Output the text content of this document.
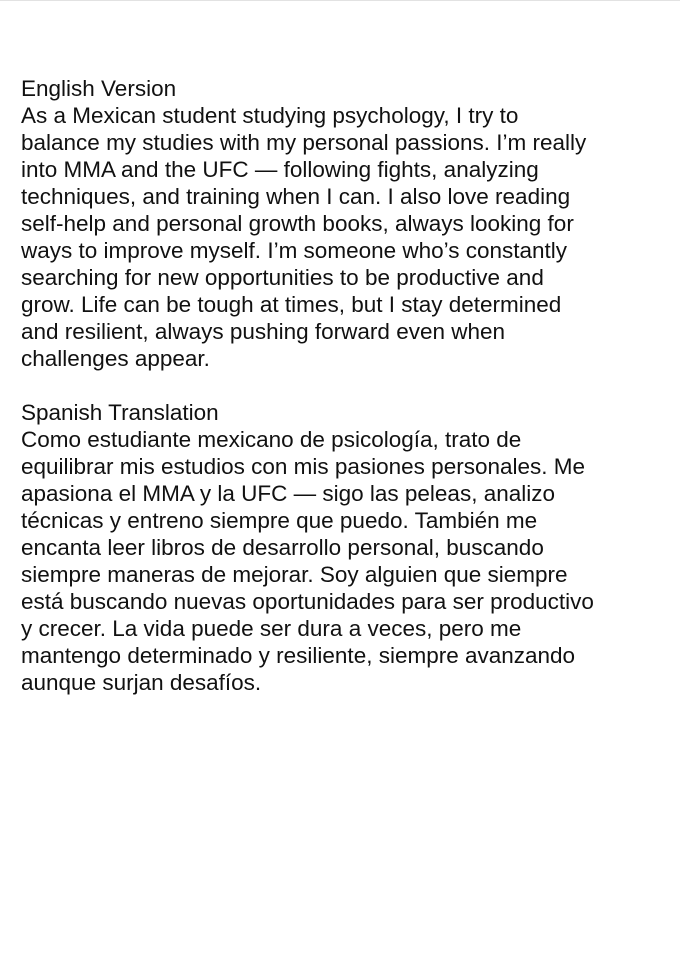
English Version
As a Mexican student studying psychology, I try to
balance my studies with my personal passions. I’m really
into MMA and the UFC — following fights, analyzing
techniques, and training when I can. I also love reading
self-help and personal growth books, always looking for
ways to improve myself. I’m someone who’s constantly
searching for new opportunities to be productive and
grow. Life can be tough at times, but I stay determined
and resilient, always pushing forward even when
challenges appear.
Spanish Translation
Como estudiante mexicano de psicología, trato de
equilibrar mis estudios con mis pasiones personales. Me
apasiona el MMA y la UFC — sigo las peleas, analizo
técnicas y entreno siempre que puedo. También me
encanta leer libros de desarrollo personal, buscando
siempre maneras de mejorar. Soy alguien que siempre
está buscando nuevas oportunidades para ser productivo
y crecer. La vida puede ser dura a veces, pero me
mantengo determinado y resiliente, siempre avanzando
aunque surjan desafíos.
